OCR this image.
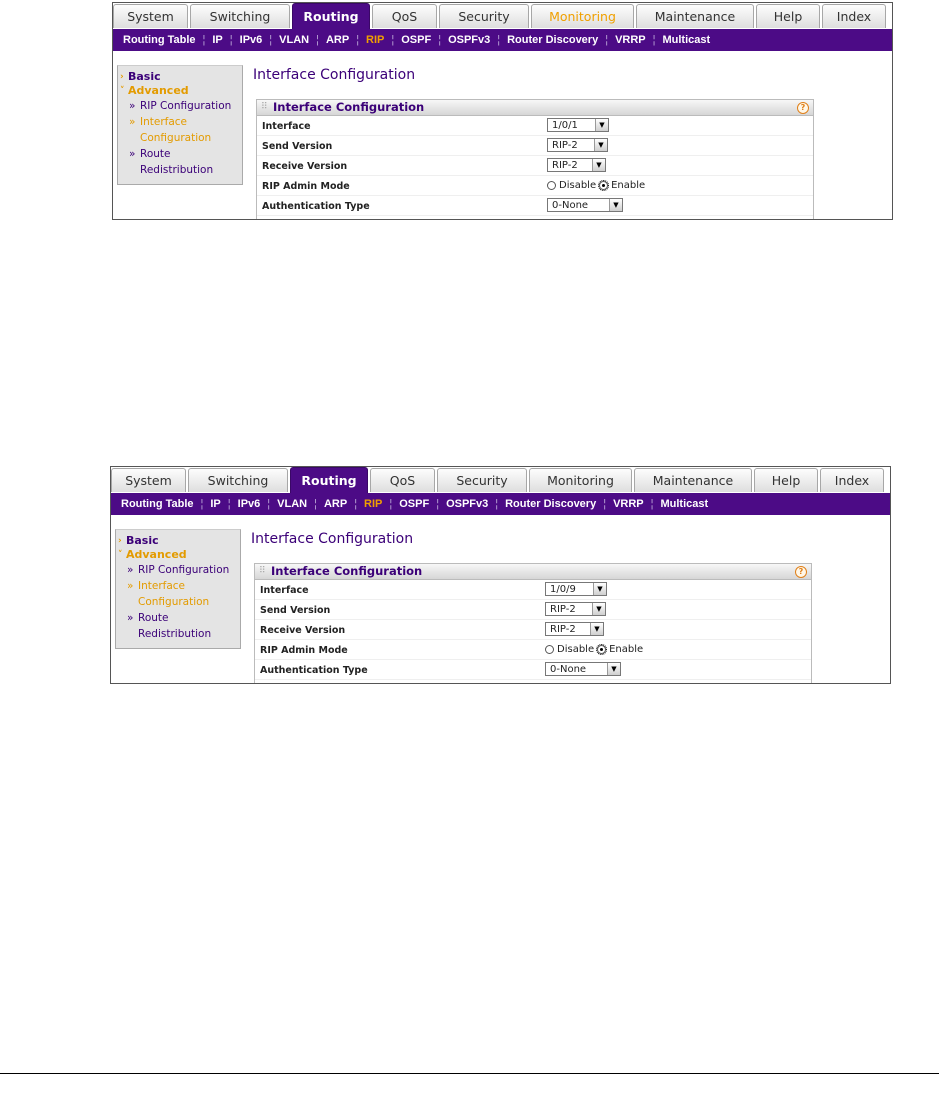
System	Switching	Routing	QoS	Security	Monitoring	Maintenance	Help	Index
Routing Table ¦ IP ¦ IPv6 ¦ VLAN ¦ ARP ¦ RIP ¦ OSPF ¦ OSPFv3 ¦ Router Discovery ¦ VRRP ¦ Multicast
› Basic
˅ Advanced
» RIP Configuration
» Interface
Configuration
» Route
Redistribution
Interface Configuration
⠿ Interface Configuration	?
Interface	1/0/1	▼
Send Version	RIP-2	▼
Receive Version	RIP-2	▼
RIP Admin Mode	Disable Enable
Authentication Type	0-None	▼
System	Switching	Routing	QoS	Security	Monitoring	Maintenance	Help	Index
Routing Table ¦ IP ¦ IPv6 ¦ VLAN ¦ ARP ¦ RIP ¦ OSPF ¦ OSPFv3 ¦ Router Discovery ¦ VRRP ¦ Multicast
› Basic
˅ Advanced
» RIP Configuration
» Interface
Configuration
» Route
Redistribution
Interface Configuration
⠿ Interface Configuration	?
Interface	1/0/9	▼
Send Version	RIP-2	▼
Receive Version	RIP-2	▼
RIP Admin Mode	Disable Enable
Authentication Type	0-None	▼
